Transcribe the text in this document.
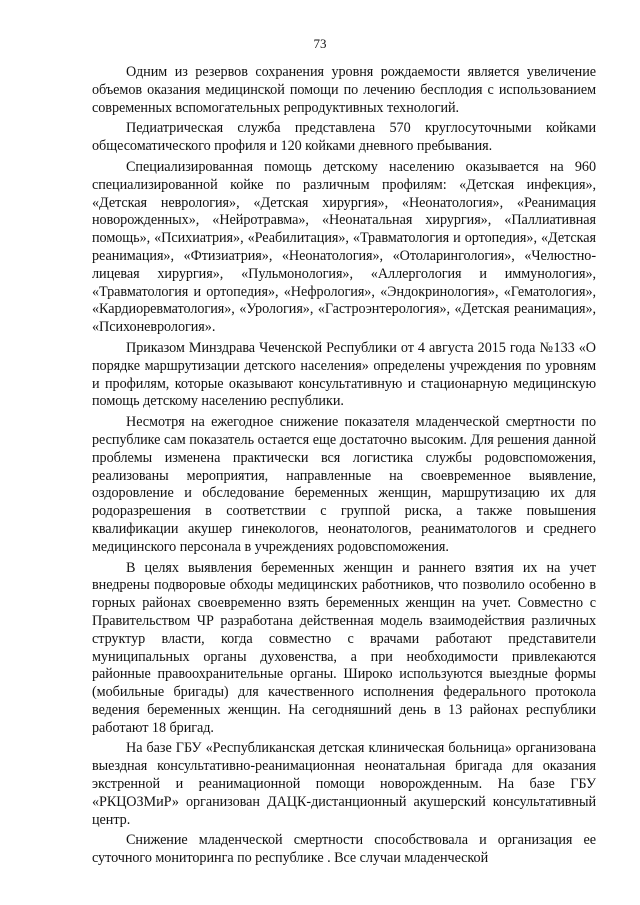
73

Одним из резервов сохранения уровня рождаемости является увеличение объемов оказания медицинской помощи по лечению бесплодия с использованием современных вспомогательных репродуктивных технологий.

Педиатрическая служба представлена 570 круглосуточными койками общесоматического профиля и 120 койками дневного пребывания.

Специализированная помощь детскому населению оказывается на 960 специализированной койке по различным профилям: «Детская инфекция», «Детская неврология», «Детская хирургия», «Неонатология», «Реанимация новорожденных», «Нейротравма», «Неонатальная хирургия», «Паллиативная помощь», «Психиатрия», «Реабилитация», «Травматология и ортопедия», «Детская реанимация», «Фтизиатрия», «Неонатология», «Отоларингология», «Челюстно-лицевая хирургия», «Пульмонология», «Аллергология и иммунология», «Травматология и ортопедия», «Нефрология», «Эндокринология», «Гематология», «Кардиоревматология», «Урология», «Гастроэнтерология», «Детская реанимация», «Психоневрология».

Приказом Минздрава Чеченской Республики от 4 августа 2015 года №133 «О порядке маршрутизации детского населения» определены учреждения по уровням и профилям, которые оказывают консультативную и стационарную медицинскую помощь детскому населению республики.

Несмотря на ежегодное снижение показателя младенческой смертности по республике сам показатель остается еще достаточно высоким. Для решения данной проблемы изменена практически вся логистика службы родовспоможения, реализованы мероприятия, направленные на своевременное выявление, оздоровление и обследование беременных женщин, маршрутизацию их для родоразрешения в соответствии с группой риска, а также повышения квалификации акушер гинекологов, неонатологов, реаниматологов и среднего медицинского персонала в учреждениях родовспоможения.

В целях выявления беременных женщин и раннего взятия их на учет внедрены подворовые обходы медицинских работников, что позволило особенно в горных районах своевременно взять беременных женщин на учет. Совместно с Правительством ЧР разработана действенная модель взаимодействия различных структур власти, когда совместно с врачами работают представители муниципальных органы духовенства, а при необходимости привлекаются районные правоохранительные органы. Широко используются выездные формы (мобильные бригады) для качественного исполнения федерального протокола ведения беременных женщин. На сегодняшний день в 13 районах республики работают 18 бригад.

На базе ГБУ «Республиканская детская клиническая больница» организована выездная консультативно-реанимационная неонатальная бригада для оказания экстренной и реанимационной помощи новорожденным. На базе ГБУ «РКЦОЗМиР» организован ДАЦК-дистанционный акушерский консультативный центр.

Снижение младенческой смертности способствовала и организация ее суточного мониторинга по республике . Все случаи младенческой
